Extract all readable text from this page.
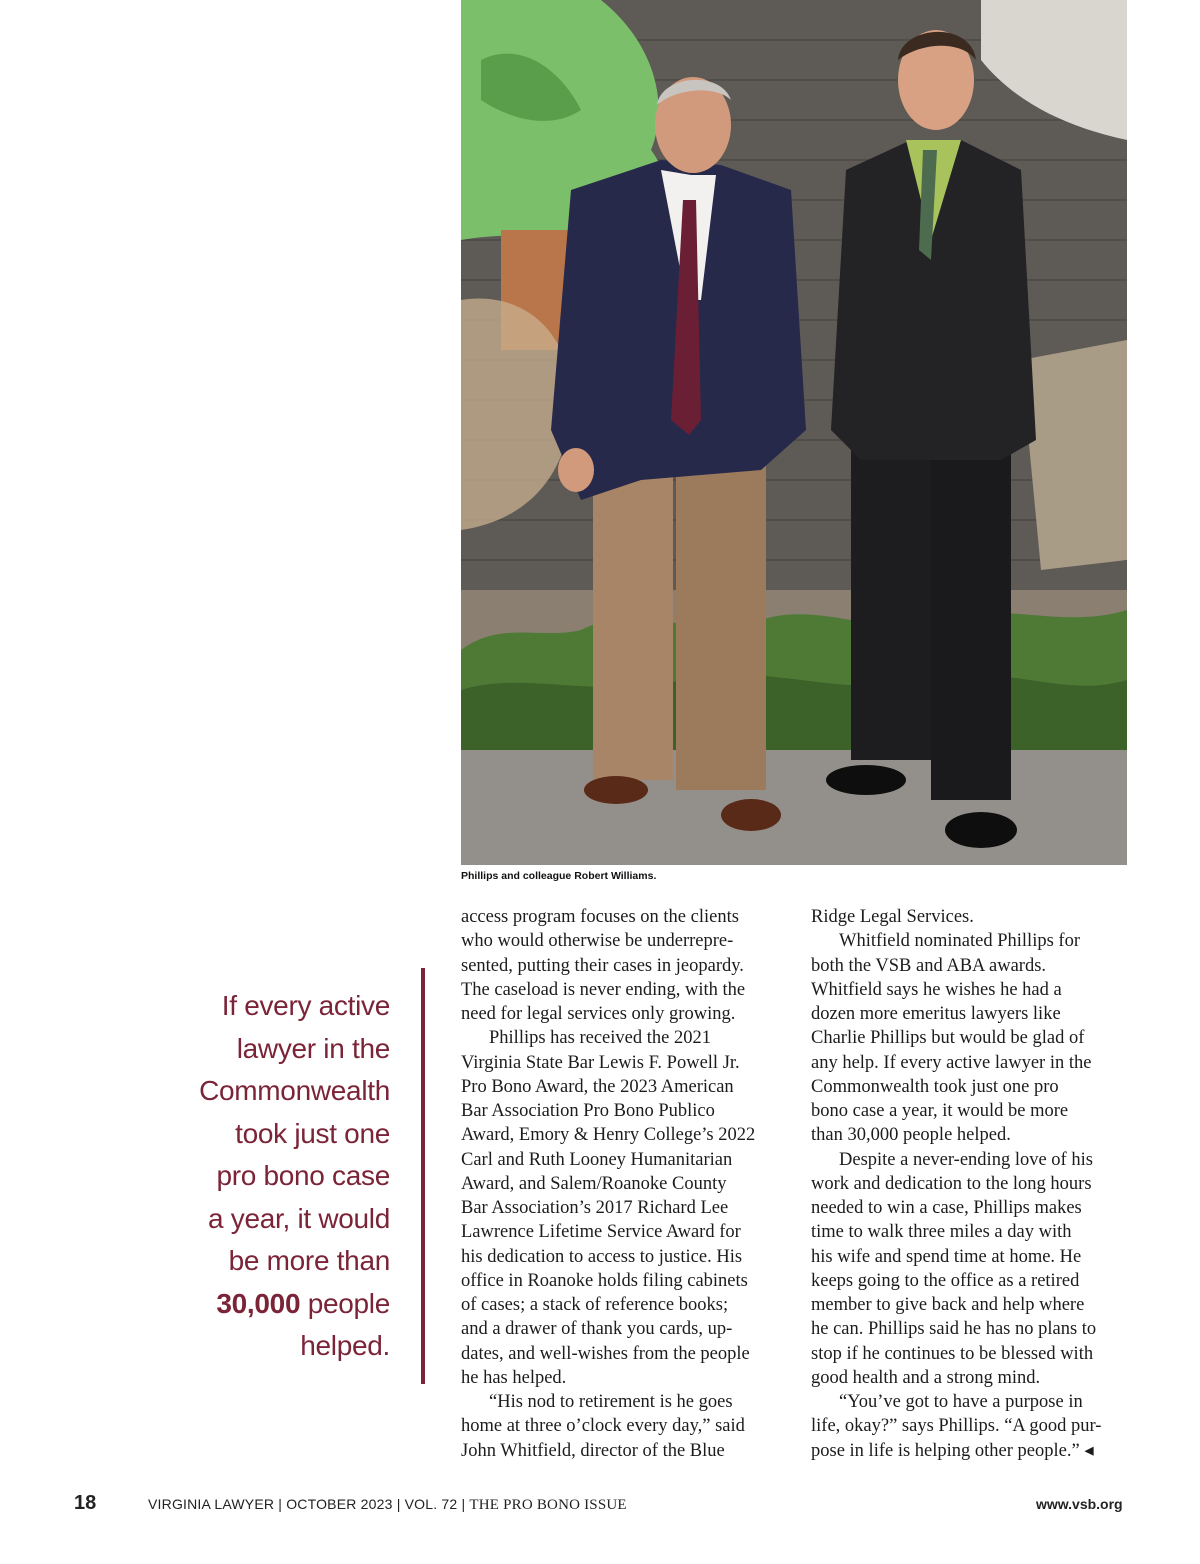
Phillips and colleague Robert Williams.
If every active
lawyer in the
Commonwealth
took just one
pro bono case
a year, it would
be more than
30,000 people
helped.
access program focuses on the clients
who would otherwise be underrepre-
sented, putting their cases in jeopardy.
The caseload is never ending, with the
need for legal services only growing.
Phillips has received the 2021
Virginia State Bar Lewis F. Powell Jr.
Pro Bono Award, the 2023 American
Bar Association Pro Bono Publico
Award, Emory & Henry College’s 2022
Carl and Ruth Looney Humanitarian
Award, and Salem/Roanoke County
Bar Association’s 2017 Richard Lee
Lawrence Lifetime Service Award for
his dedication to access to justice. His
office in Roanoke holds filing cabinets
of cases; a stack of reference books;
and a drawer of thank you cards, up-
dates, and well-wishes from the people
he has helped.
“His nod to retirement is he goes
home at three o’clock every day,” said
John Whitfield, director of the Blue
Ridge Legal Services.
Whitfield nominated Phillips for
both the VSB and ABA awards.
Whitfield says he wishes he had a
dozen more emeritus lawyers like
Charlie Phillips but would be glad of
any help. If every active lawyer in the
Commonwealth took just one pro
bono case a year, it would be more
than 30,000 people helped.
Despite a never-ending love of his
work and dedication to the long hours
needed to win a case, Phillips makes
time to walk three miles a day with
his wife and spend time at home. He
keeps going to the office as a retired
member to give back and help where
he can. Phillips said he has no plans to
stop if he continues to be blessed with
good health and a strong mind.
“You’ve got to have a purpose in
life, okay?” says Phillips. “A good pur-
pose in life is helping other people.” ◂
18	VIRGINIA LAWYER | OCTOBER 2023 | VOL. 72 | THE PRO BONO ISSUE	www.vsb.org
